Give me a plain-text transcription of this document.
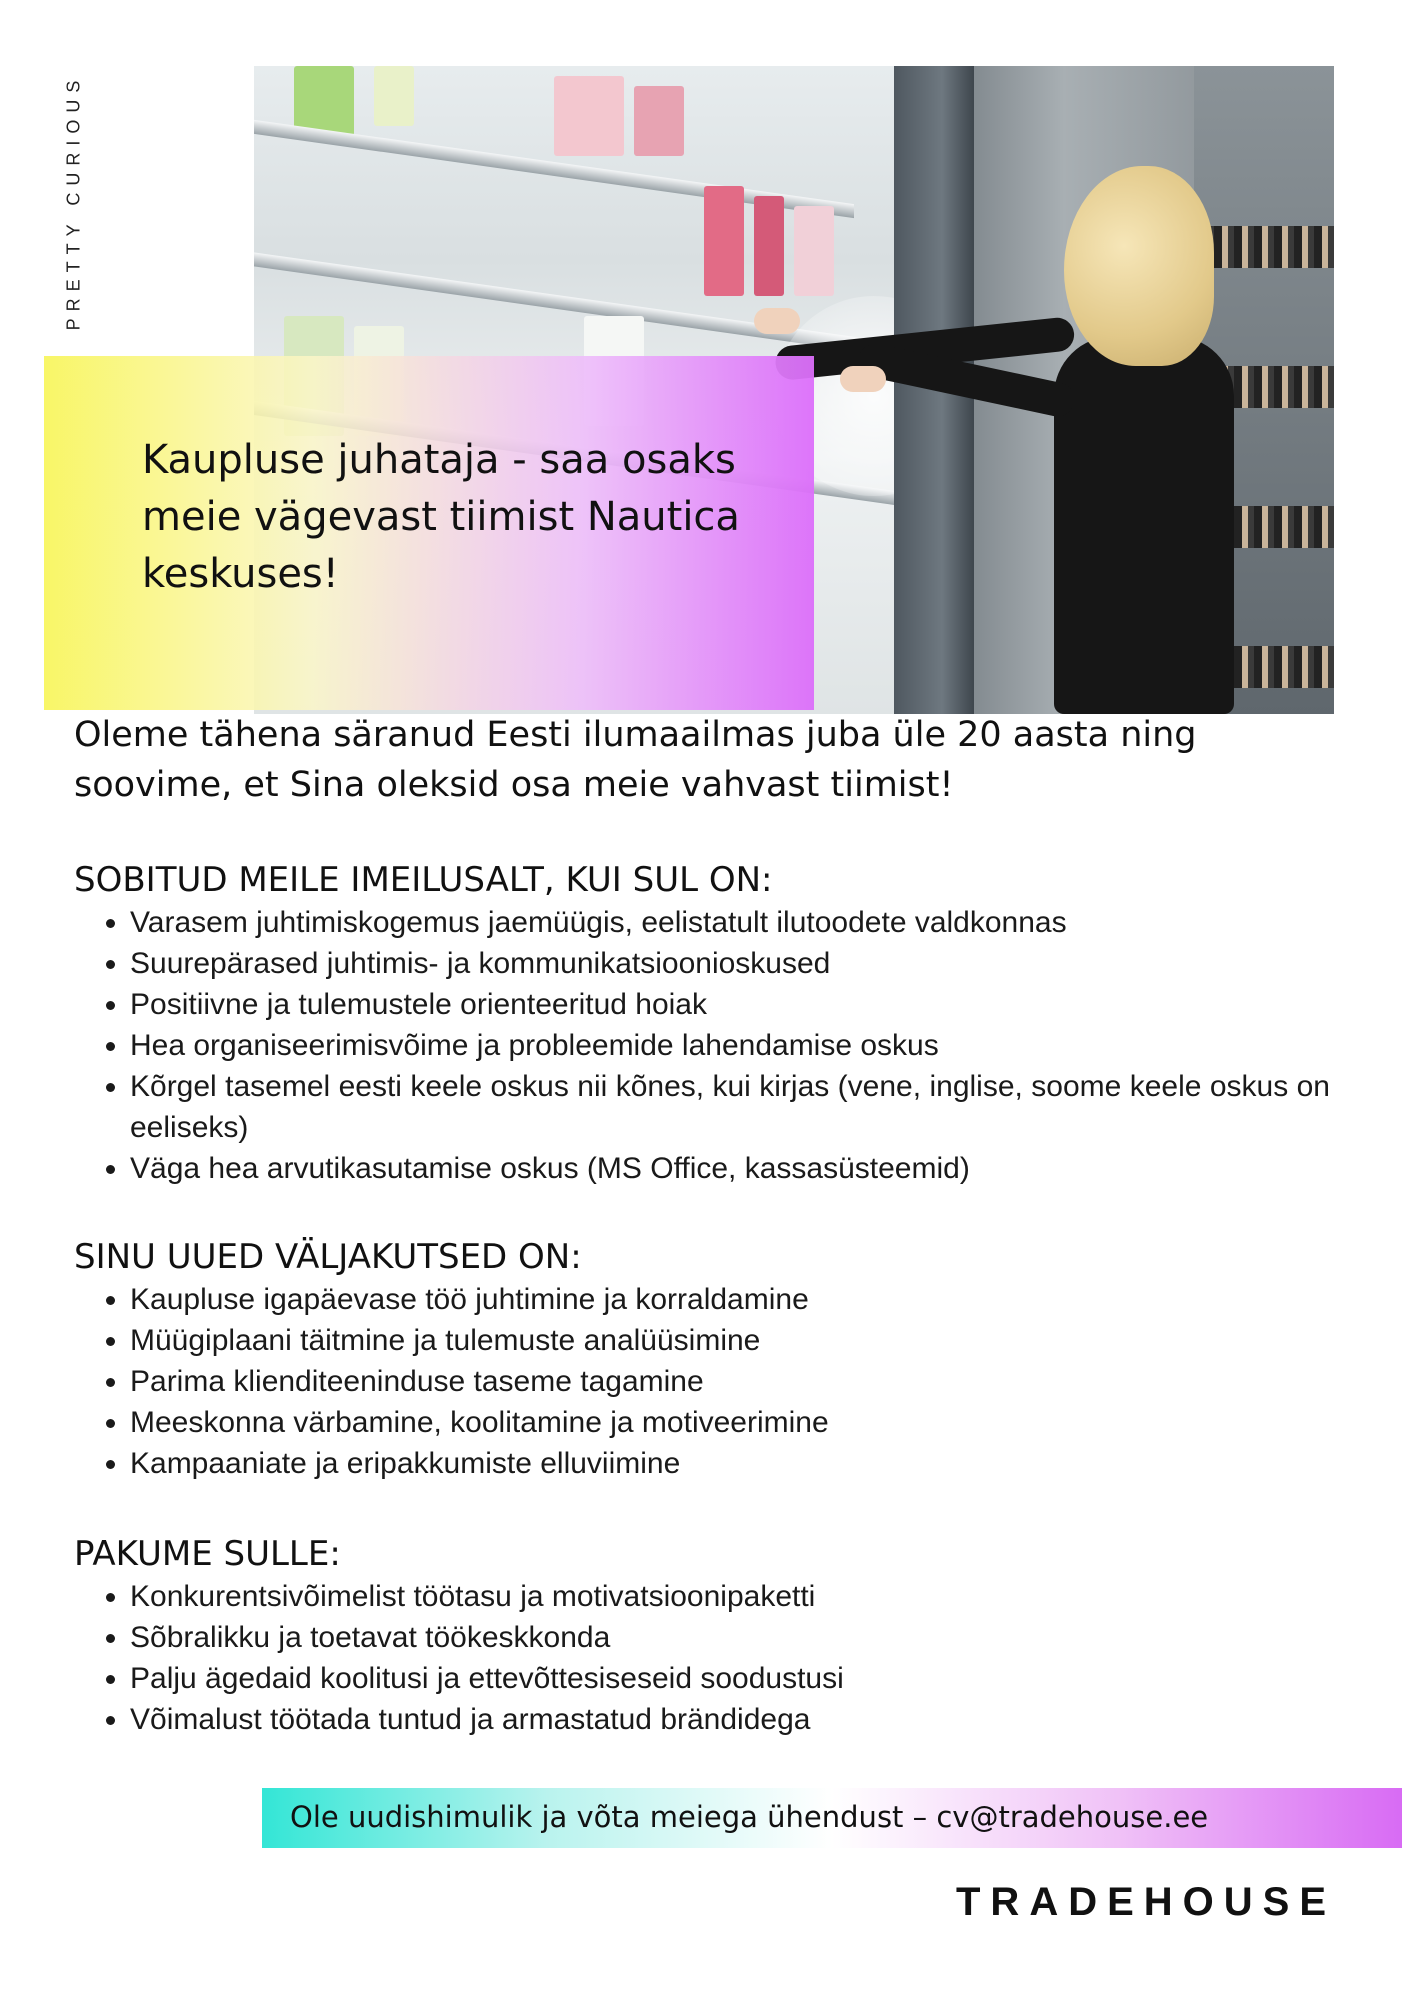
PRETTY CURIOUS
Kaupluse juhataja - saa osaks meie vägevast tiimist Nautica keskuses!

Oleme tähena säranud Eesti ilumaailmas juba üle 20 aasta ning soovime, et Sina oleksid osa meie vahvast tiimist!

SOBITUD MEILE IMEILUSALT, KUI SUL ON:
• Varasem juhtimiskogemus jaemüügis, eelistatult ilutoodete valdkonnas
• Suurepärased juhtimis- ja kommunikatsioonioskused
• Positiivne ja tulemustele orienteeritud hoiak
• Hea organiseerimisvõime ja probleemide lahendamise oskus
• Kõrgel tasemel eesti keele oskus nii kõnes, kui kirjas (vene, inglise, soome keele oskus on eeliseks)
• Väga hea arvutikasutamise oskus (MS Office, kassasüsteemid)
SINU UUED VÄLJAKUTSED ON:
• Kaupluse igapäevase töö juhtimine ja korraldamine
• Müügiplaani täitmine ja tulemuste analüüsimine
• Parima klienditeeninduse taseme tagamine
• Meeskonna värbamine, koolitamine ja motiveerimine
• Kampaaniate ja eripakkumiste elluviimine
PAKUME SULLE:
• Konkurentsivõimelist töötasu ja motivatsioonipaketti
• Sõbralikku ja toetavat töökeskkonda
• Palju ägedaid koolitusi ja ettevõttesiseseid soodustusi
• Võimalust töötada tuntud ja armastatud brändidega
Ole uudishimulik ja võta meiega ühendust – cv@tradehouse.ee
TRADEHOUSE
